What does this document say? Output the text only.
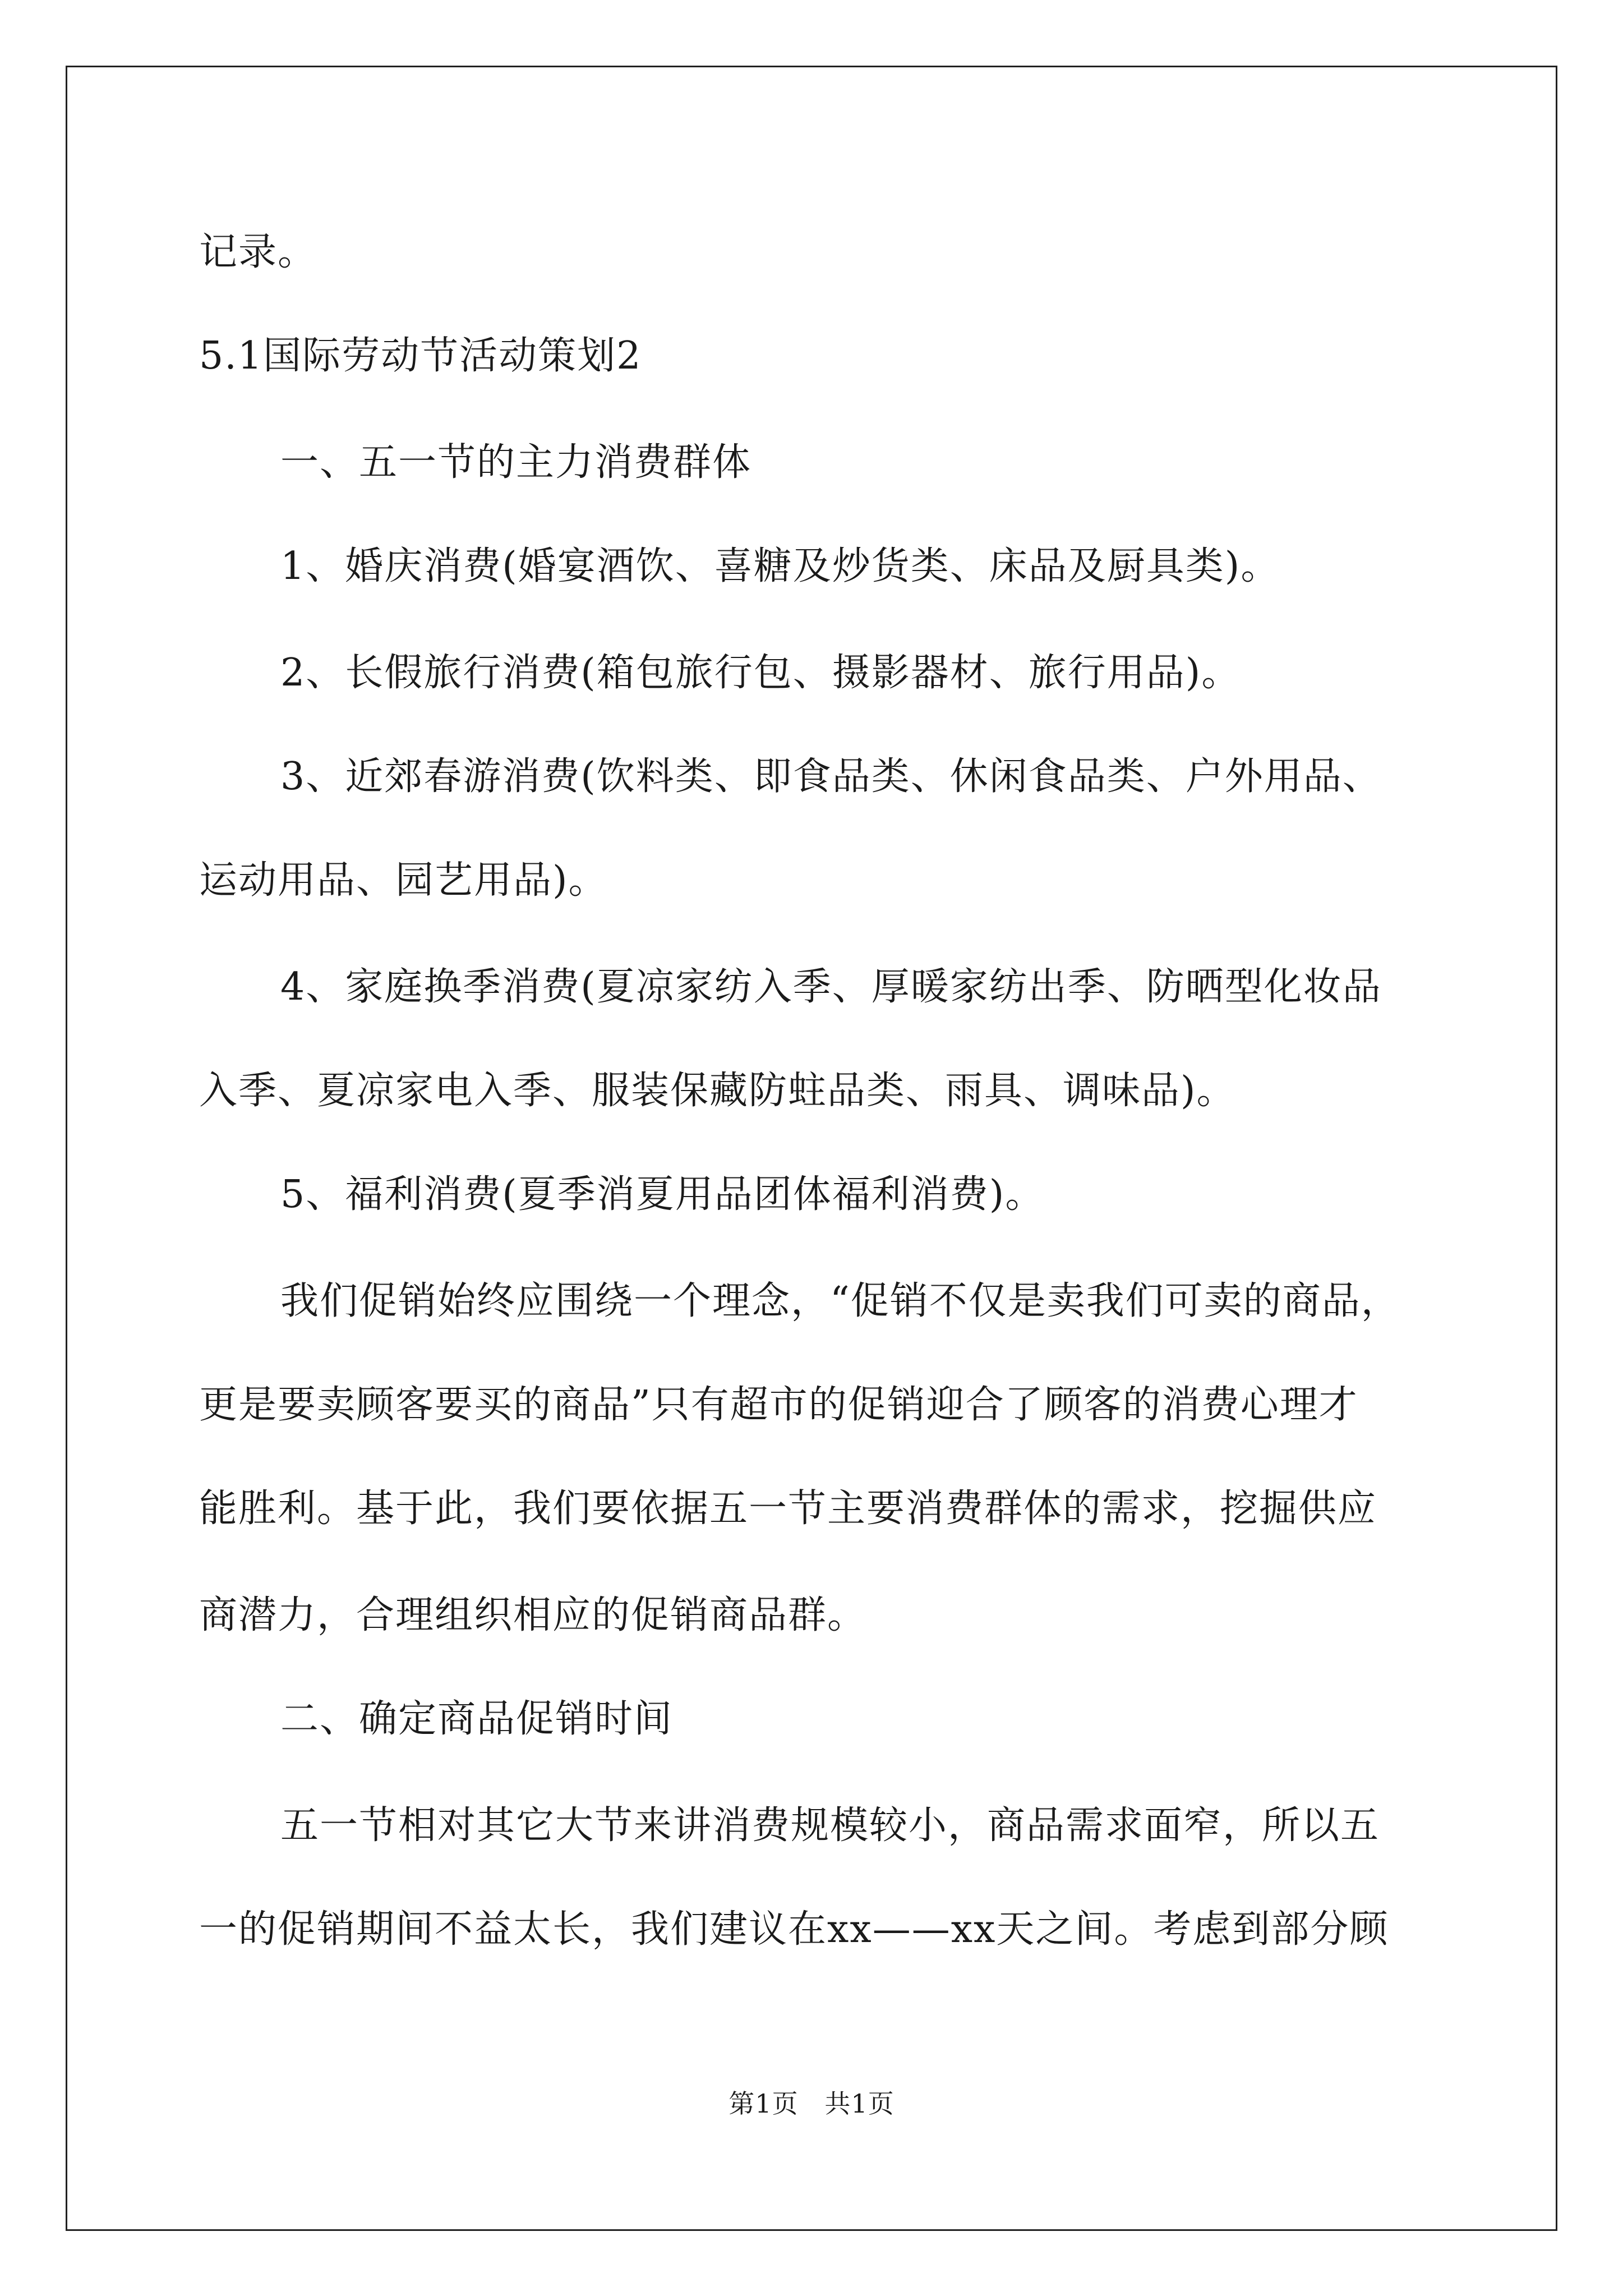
记录。

5.1国际劳动节活动策划2

一、五一节的主力消费群体

1、婚庆消费(婚宴酒饮、喜糖及炒货类、床品及厨具类)。

2、长假旅行消费(箱包旅行包、摄影器材、旅行用品)。

3、近郊春游消费(饮料类、即食品类、休闲食品类、户外用品、

运动用品、园艺用品)。

4、家庭换季消费(夏凉家纺入季、厚暖家纺出季、防晒型化妆品

入季、夏凉家电入季、服装保藏防蛀品类、雨具、调味品)。

5、福利消费(夏季消夏用品团体福利消费)。

我们促销始终应围绕一个理念，“促销不仅是卖我们可卖的商品，

更是要卖顾客要买的商品”只有超市的促销迎合了顾客的消费心理才

能胜利。基于此，我们要依据五一节主要消费群体的需求，挖掘供应

商潜力，合理组织相应的促销商品群。

二、确定商品促销时间

五一节相对其它大节来讲消费规模较小，商品需求面窄，所以五

一的促销期间不益太长，我们建议在xx——xx天之间。考虑到部分顾

第1页   共1页
